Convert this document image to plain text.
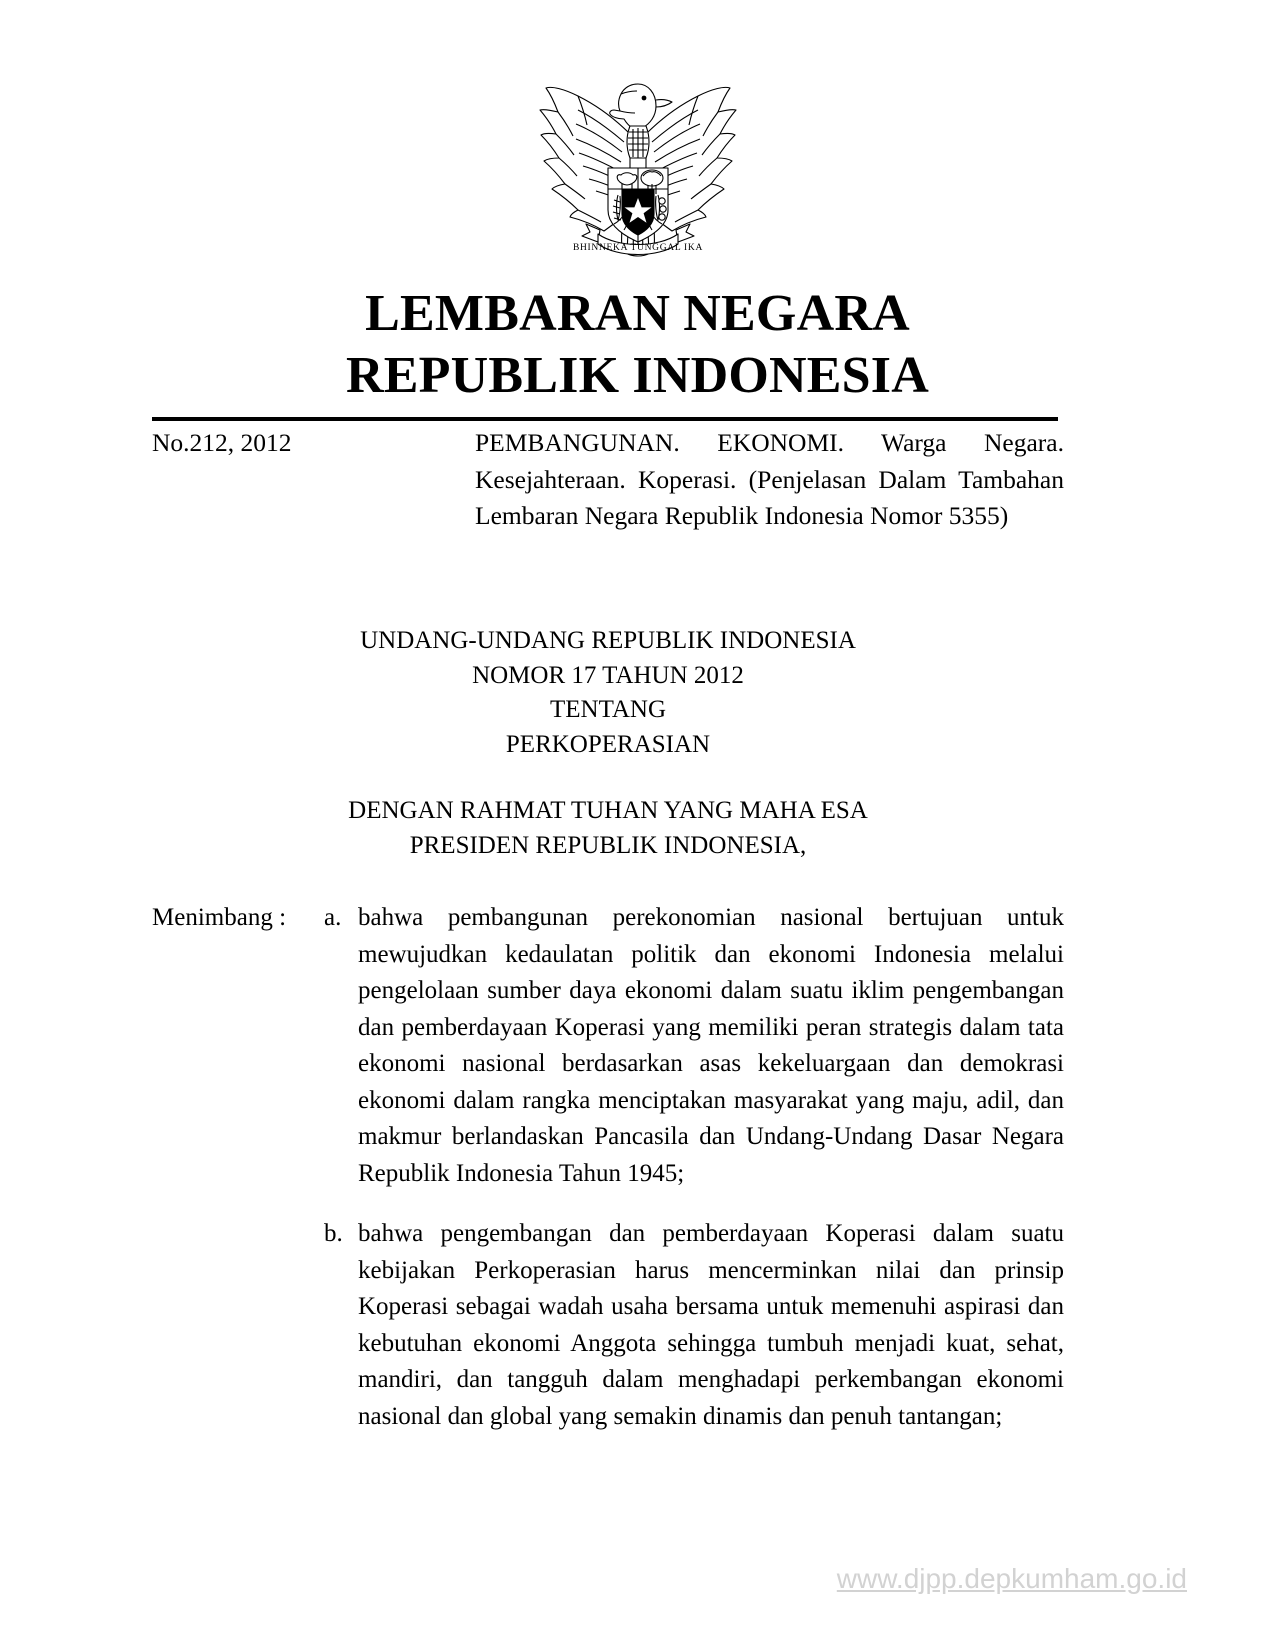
BHINNEKA TUNGGAL IKA
LEMBARAN NEGARA
REPUBLIK INDONESIA
No.212, 2012	PEMBANGUNAN. EKONOMI. Warga Negara. Kesejahteraan. Koperasi. (Penjelasan Dalam Tambahan Lembaran Negara Republik Indonesia Nomor 5355)
UNDANG-UNDANG REPUBLIK INDONESIA
NOMOR 17 TAHUN 2012
TENTANG
PERKOPERASIAN
DENGAN RAHMAT TUHAN YANG MAHA ESA
PRESIDEN REPUBLIK INDONESIA,
Menimbang :	a. bahwa pembangunan perekonomian nasional bertujuan untuk mewujudkan kedaulatan politik dan ekonomi Indonesia melalui pengelolaan sumber daya ekonomi dalam suatu iklim pengembangan dan pemberdayaan Koperasi yang memiliki peran strategis dalam tata ekonomi nasional berdasarkan asas kekeluargaan dan demokrasi ekonomi dalam rangka menciptakan masyarakat yang maju, adil, dan makmur berlandaskan Pancasila dan Undang-Undang Dasar Negara Republik Indonesia Tahun 1945;
b. bahwa pengembangan dan pemberdayaan Koperasi dalam suatu kebijakan Perkoperasian harus mencerminkan nilai dan prinsip Koperasi sebagai wadah usaha bersama untuk memenuhi aspirasi dan kebutuhan ekonomi Anggota sehingga tumbuh menjadi kuat, sehat, mandiri, dan tangguh dalam menghadapi perkembangan ekonomi nasional dan global yang semakin dinamis dan penuh tantangan;
www.djpp.depkumham.go.id
